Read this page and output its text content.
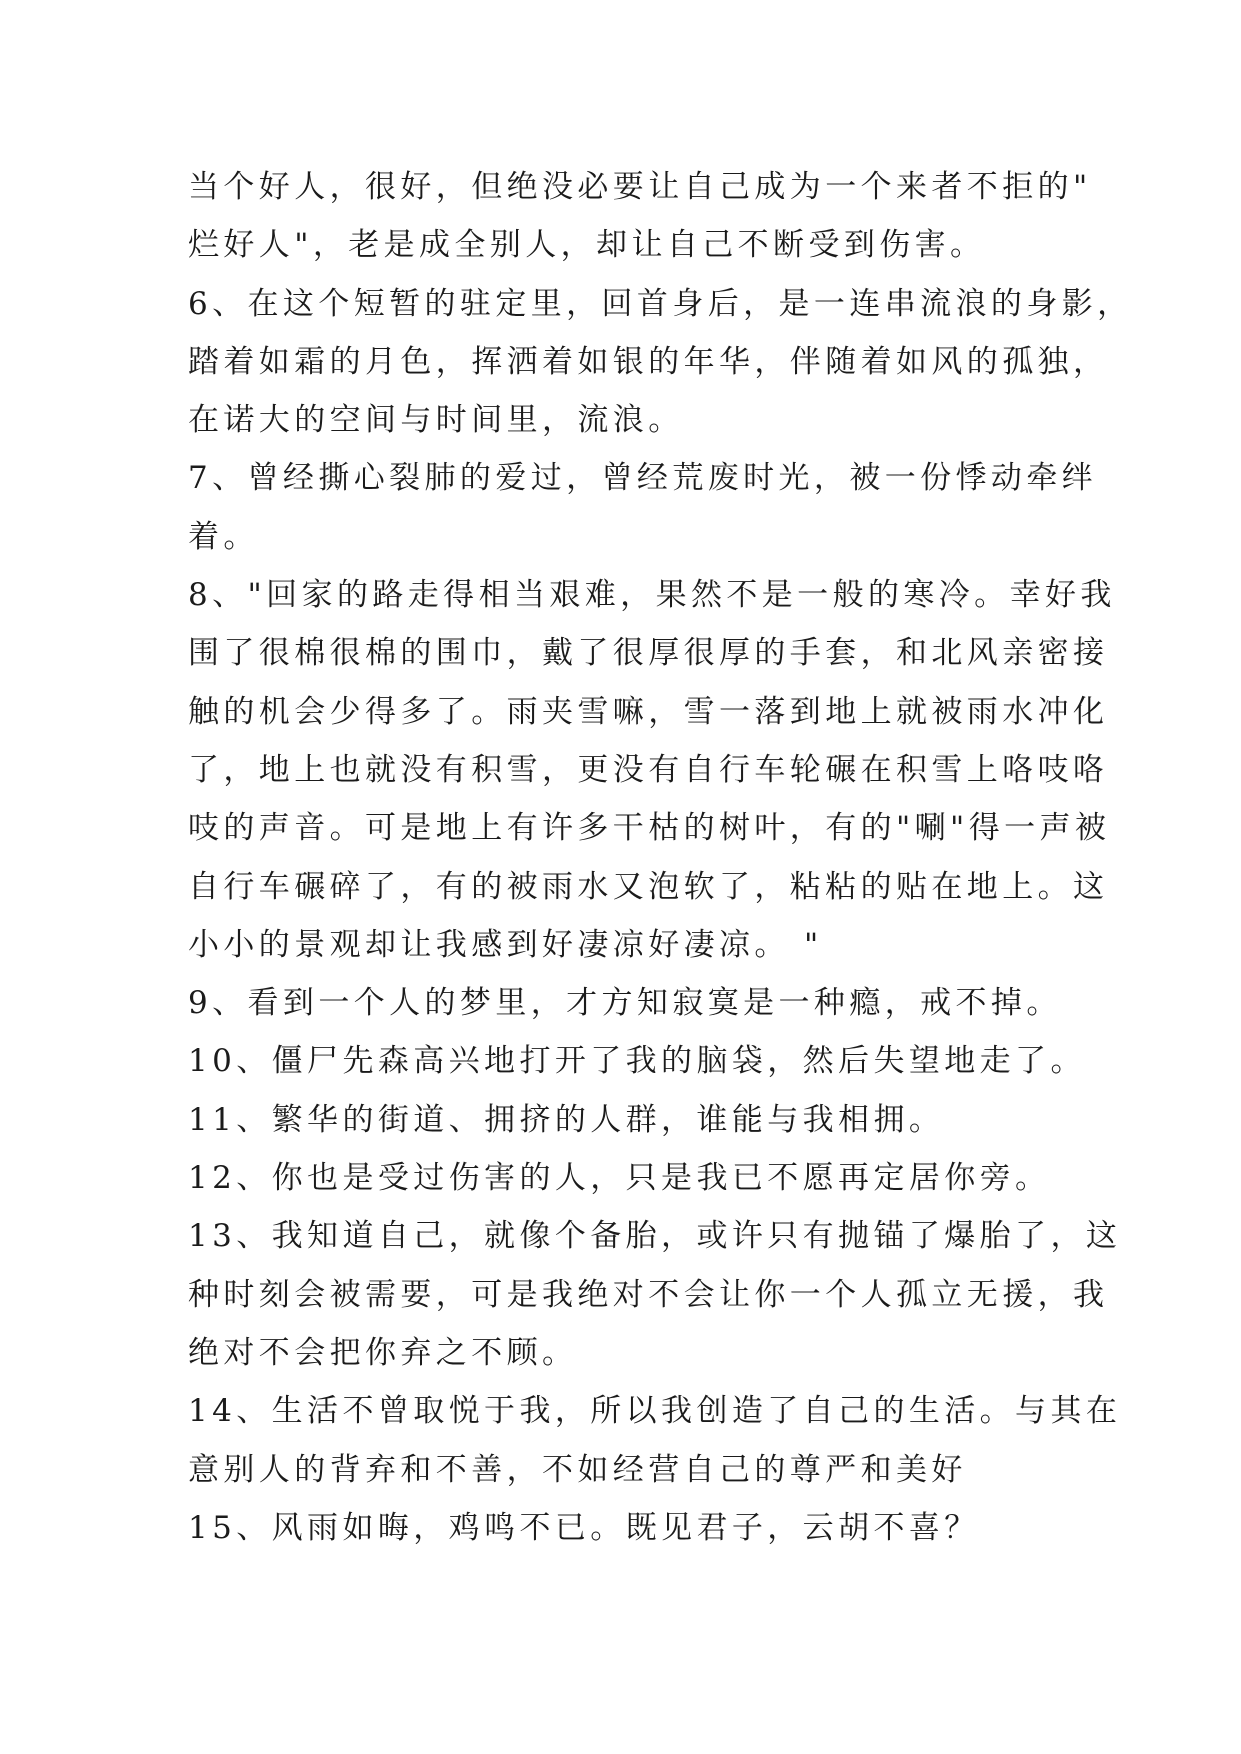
当个好人，很好，但绝没必要让自己成为一个来者不拒的"
烂好人"，老是成全别人，却让自己不断受到伤害。
6、在这个短暂的驻定里，回首身后，是一连串流浪的身影，
踏着如霜的月色，挥洒着如银的年华，伴随着如风的孤独，
在诺大的空间与时间里，流浪。
7、曾经撕心裂肺的爱过，曾经荒废时光，被一份悸动牵绊
着。
8、"回家的路走得相当艰难，果然不是一般的寒冷。幸好我
围了很棉很棉的围巾，戴了很厚很厚的手套，和北风亲密接
触的机会少得多了。雨夹雪嘛，雪一落到地上就被雨水冲化
了，地上也就没有积雪，更没有自行车轮碾在积雪上咯吱咯
吱的声音。可是地上有许多干枯的树叶，有的"唰"得一声被
自行车碾碎了，有的被雨水又泡软了，粘粘的贴在地上。这
小小的景观却让我感到好凄凉好凄凉。 "
9、看到一个人的梦里，才方知寂寞是一种瘾，戒不掉。
10、僵尸先森高兴地打开了我的脑袋，然后失望地走了。
11、繁华的街道、拥挤的人群，谁能与我相拥。
12、你也是受过伤害的人，只是我已不愿再定居你旁。
13、我知道自己，就像个备胎，或许只有抛锚了爆胎了，这
种时刻会被需要，可是我绝对不会让你一个人孤立无援，我
绝对不会把你弃之不顾。
14、生活不曾取悦于我，所以我创造了自己的生活。与其在
意别人的背弃和不善，不如经营自己的尊严和美好
15、风雨如晦，鸡鸣不已。既见君子，云胡不喜？
